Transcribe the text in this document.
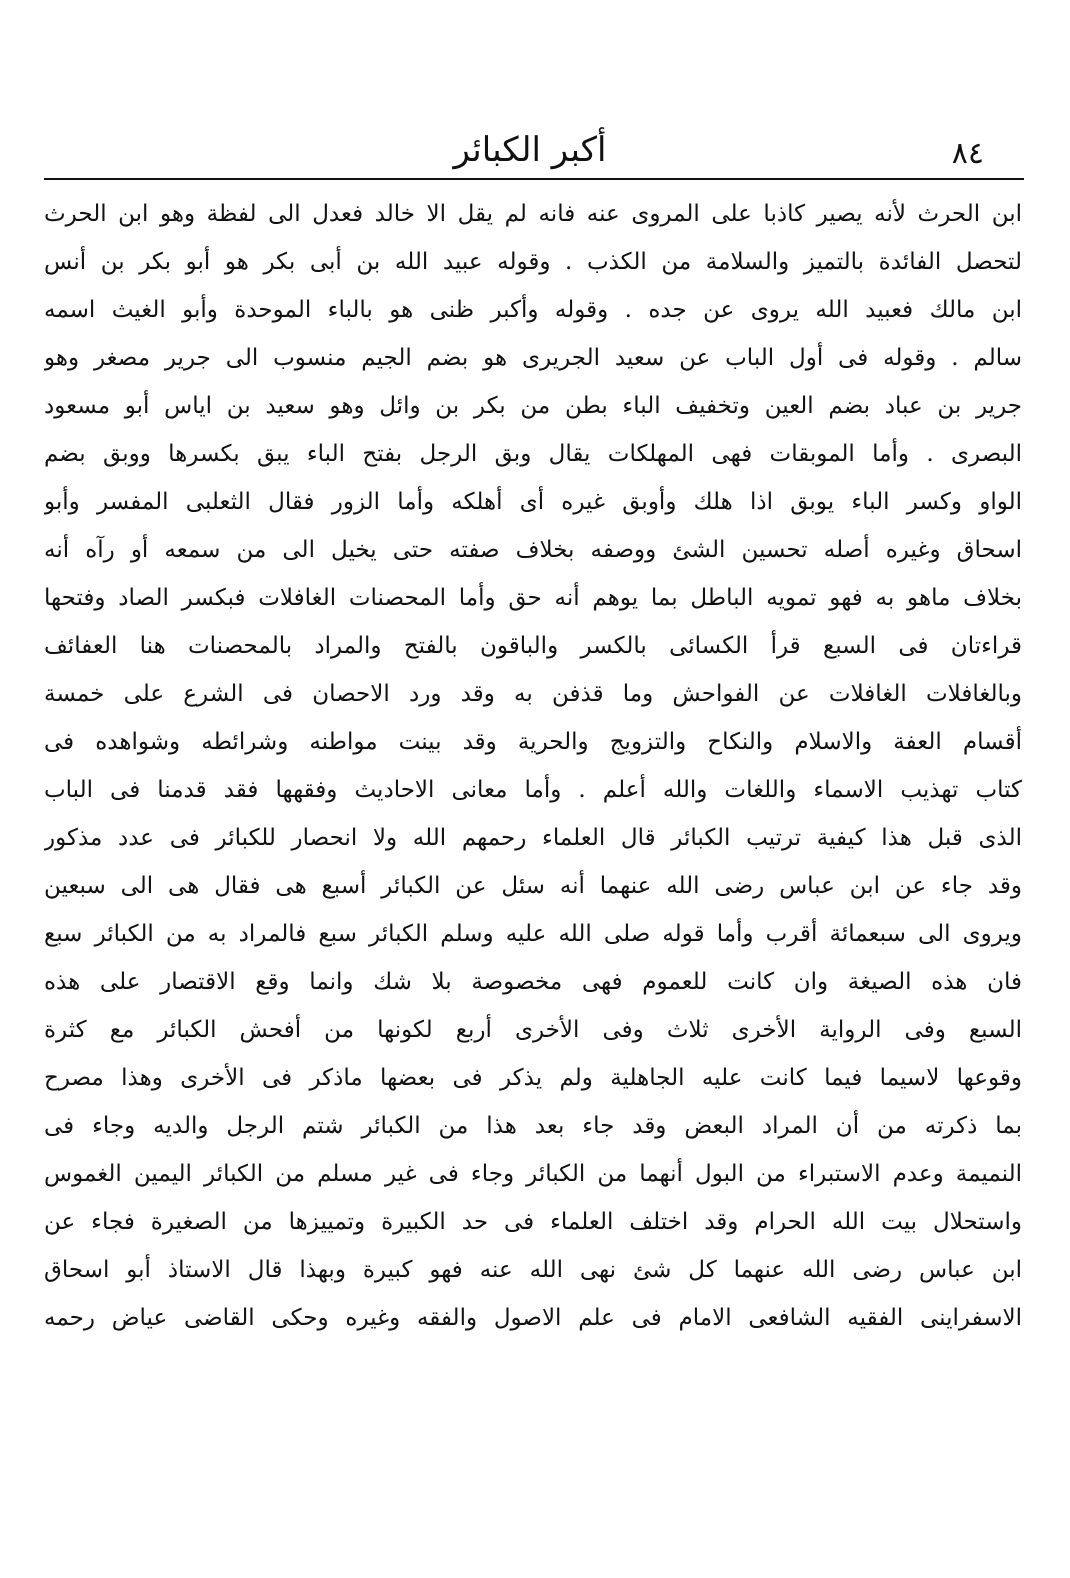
٨٤
أكبر الكبائر
ابن الحرث لأنه يصير كاذبا على المروى عنه فانه لم يقل الا خالد فعدل الى لفظة وهو ابن الحرث
لتحصل الفائدة بالتميز والسلامة من الكذب . وقوله عبيد الله بن أبى بكر هو أبو بكر بن أنس
ابن مالك فعبيد الله يروى عن جده . وقوله وأكبر ظنى هو بالباء الموحدة وأبو الغيث اسمه
سالم . وقوله فى أول الباب عن سعيد الجريرى هو بضم الجيم منسوب الى جرير مصغر وهو
جرير بن عباد بضم العين وتخفيف الباء بطن من بكر بن وائل وهو سعيد بن اياس أبو مسعود
البصرى . وأما الموبقات فهى المهلكات يقال وبق الرجل بفتح الباء يبق بكسرها ووبق بضم
الواو وكسر الباء يوبق اذا هلك وأوبق غيره أى أهلكه وأما الزور فقال الثعلبى المفسر وأبو
اسحاق وغيره أصله تحسين الشئ ووصفه بخلاف صفته حتى يخيل الى من سمعه أو رآه أنه
بخلاف ماهو به فهو تمويه الباطل بما يوهم أنه حق وأما المحصنات الغافلات فبكسر الصاد وفتحها
قراءتان فى السبع قرأ الكسائى بالكسر والباقون بالفتح والمراد بالمحصنات هنا العفائف
وبالغافلات الغافلات عن الفواحش وما قذفن به وقد ورد الاحصان فى الشرع على خمسة
أقسام العفة والاسلام والنكاح والتزويج والحرية وقد بينت مواطنه وشرائطه وشواهده فى
كتاب تهذيب الاسماء واللغات والله أعلم . وأما معانى الاحاديث وفقهها فقد قدمنا فى الباب
الذى قبل هذا كيفية ترتيب الكبائر قال العلماء رحمهم الله ولا انحصار للكبائر فى عدد مذكور
وقد جاء عن ابن عباس رضى الله عنهما أنه سئل عن الكبائر أسبع هى فقال هى الى سبعين
ويروى الى سبعمائة أقرب وأما قوله صلى الله عليه وسلم الكبائر سبع فالمراد به من الكبائر سبع
فان هذه الصيغة وان كانت للعموم فهى مخصوصة بلا شك وانما وقع الاقتصار على هذه
السبع وفى الرواية الأخرى ثلاث وفى الأخرى أربع لكونها من أفحش الكبائر مع كثرة
وقوعها لاسيما فيما كانت عليه الجاهلية ولم يذكر فى بعضها ماذكر فى الأخرى وهذا مصرح
بما ذكرته من أن المراد البعض وقد جاء بعد هذا من الكبائر شتم الرجل والديه وجاء فى
النميمة وعدم الاستبراء من البول أنهما من الكبائر وجاء فى غير مسلم من الكبائر اليمين الغموس
واستحلال بيت الله الحرام وقد اختلف العلماء فى حد الكبيرة وتمييزها من الصغيرة فجاء عن
ابن عباس رضى الله عنهما كل شئ نهى الله عنه فهو كبيرة وبهذا قال الاستاذ أبو اسحاق
الاسفراينى الفقيه الشافعى الامام فى علم الاصول والفقه وغيره وحكى القاضى عياض رحمه
